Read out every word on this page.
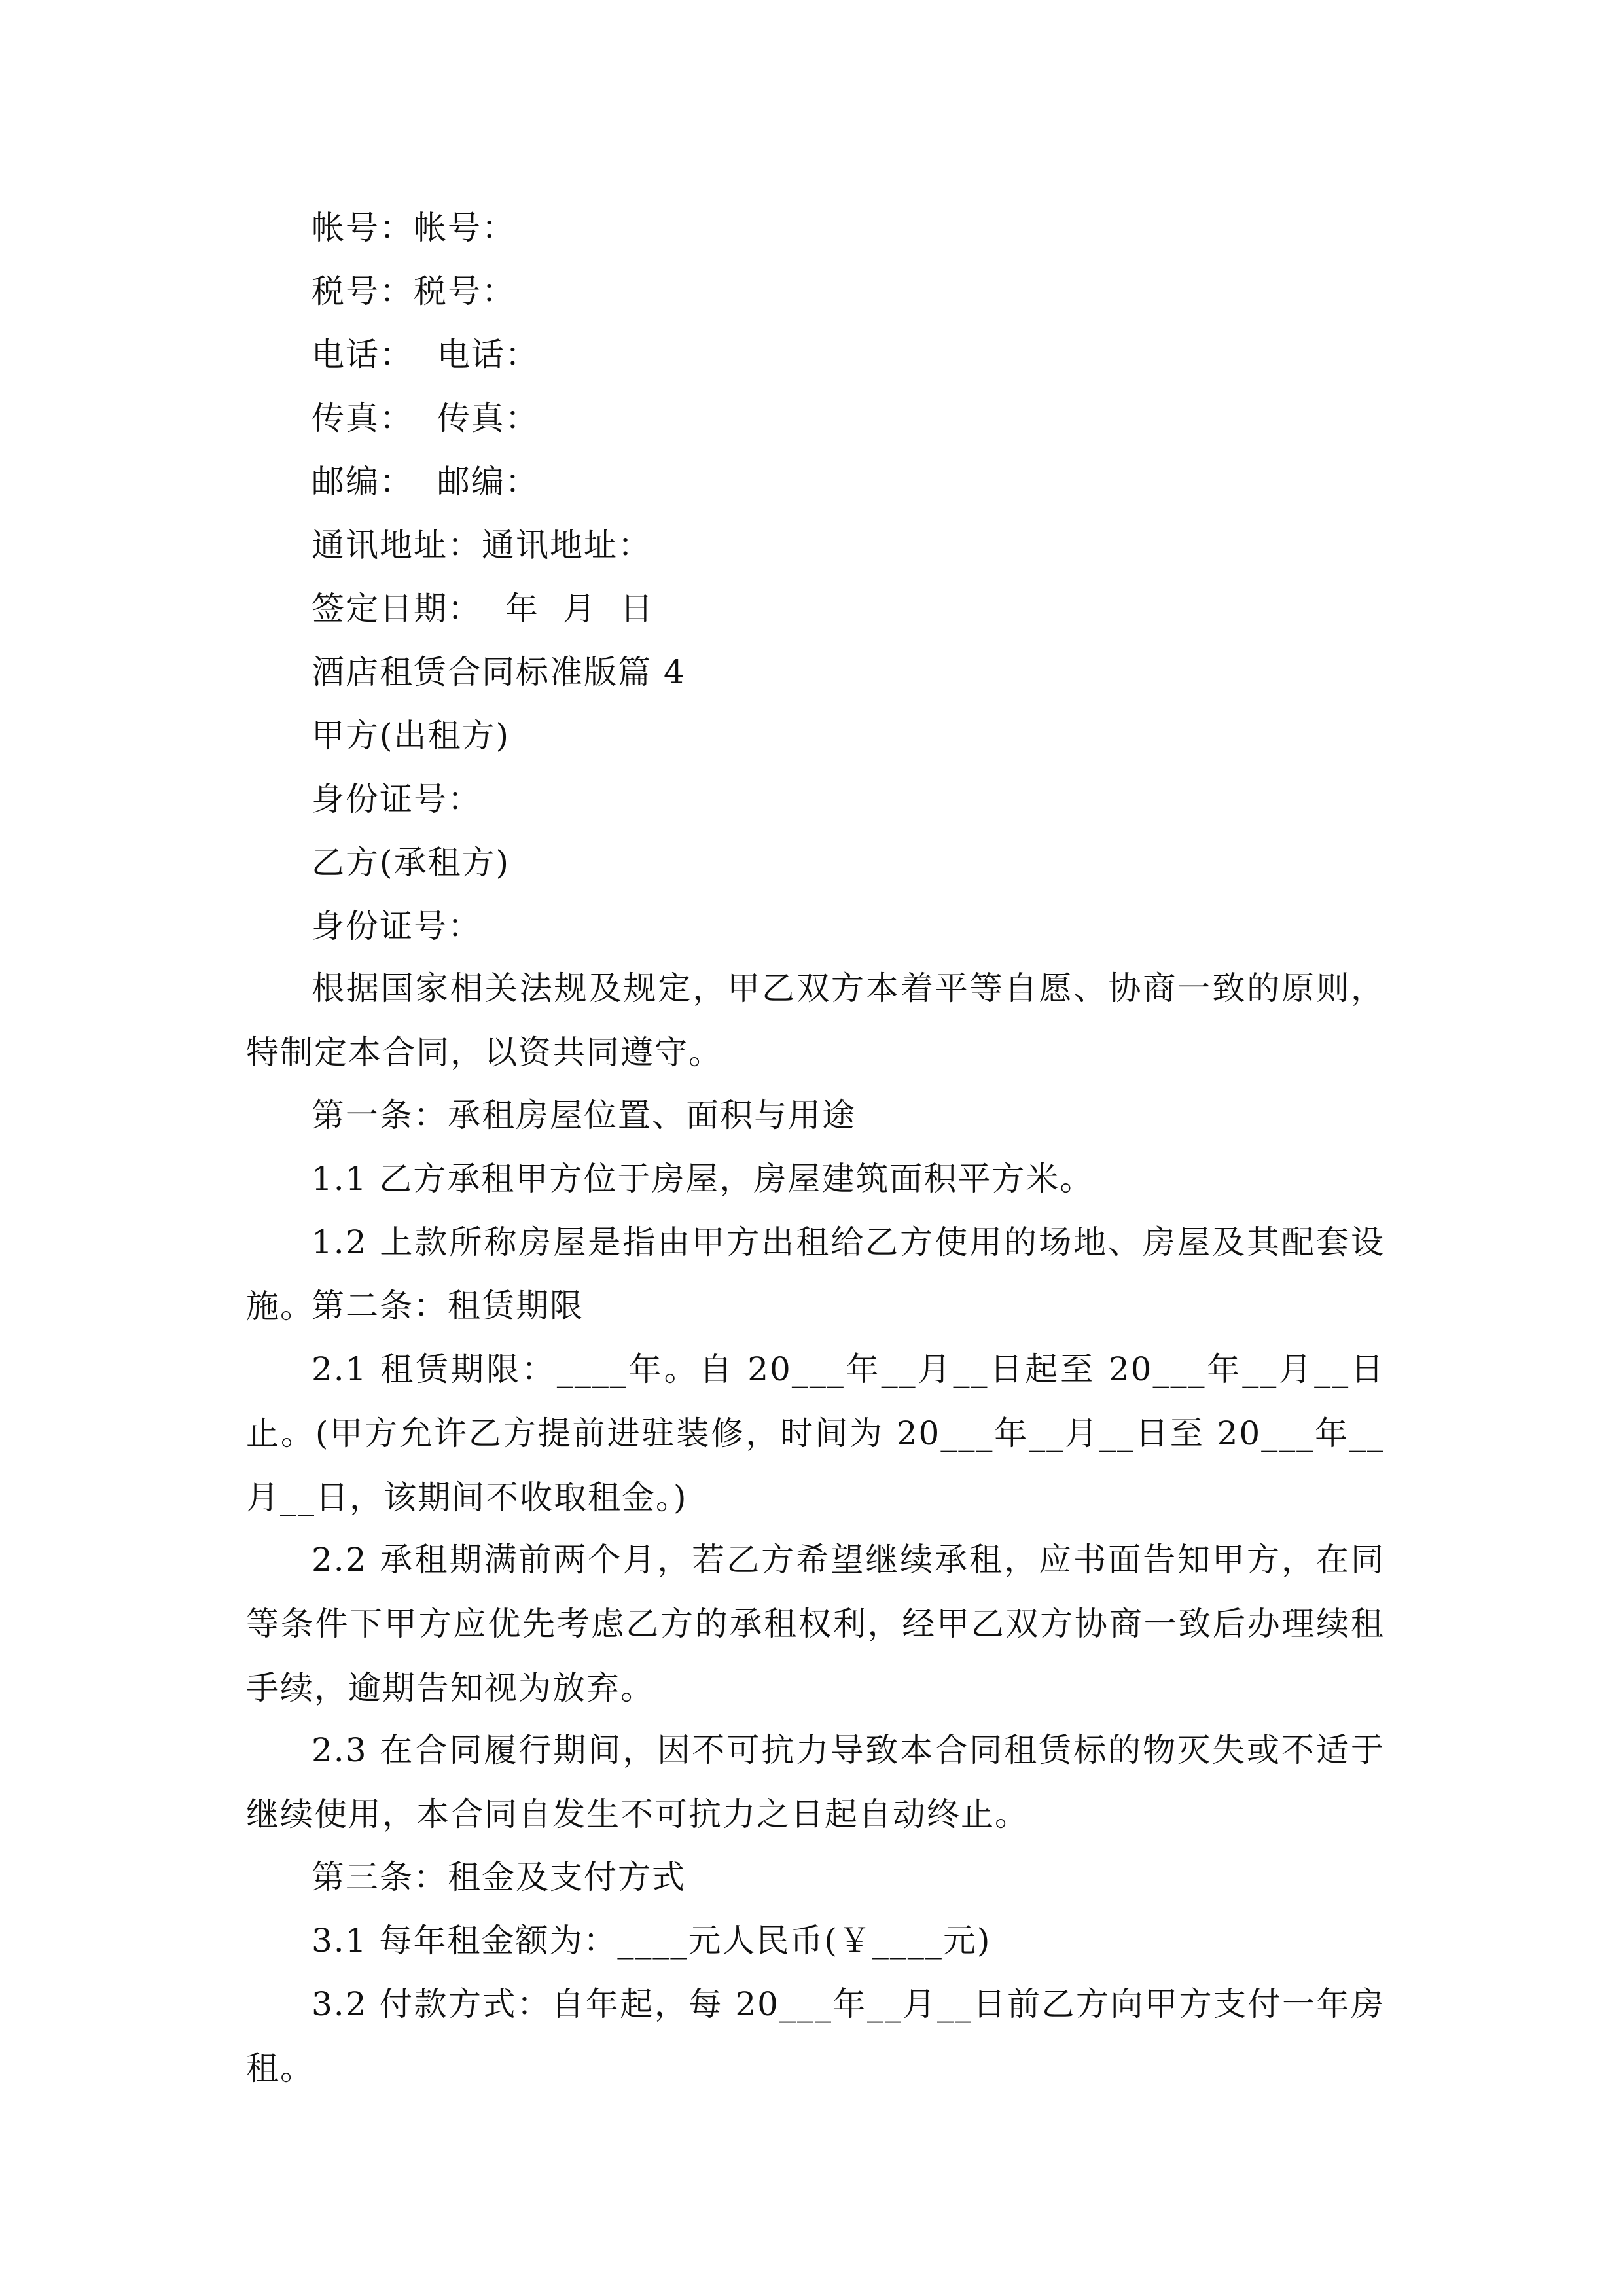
帐号：帐号：
税号：税号：
电话：  电话：
传真：  传真：
邮编：  邮编：
通讯地址：通讯地址：
签定日期：  年  月  日
酒店租赁合同标准版篇 4
甲方(出租方)
身份证号：
乙方(承租方)
身份证号：
根据国家相关法规及规定，甲乙双方本着平等自愿、协商一致的原则，特制定本合同，以资共同遵守。
第一条：承租房屋位置、面积与用途
1.1 乙方承租甲方位于房屋，房屋建筑面积平方米。
1.2 上款所称房屋是指由甲方出租给乙方使用的场地、房屋及其配套设施。
第二条：租赁期限
2.1 租赁期限：____年。自 20___年__月__日起至 20___年__月__日止。(甲方允许乙方提前进驻装修，时间为 20___年__月__日至 20___年__月__日，该期间不收取租金。)
2.2 承租期满前两个月，若乙方希望继续承租，应书面告知甲方，在同等条件下甲方应优先考虑乙方的承租权利，经甲乙双方协商一致后办理续租手续，逾期告知视为放弃。
2.3 在合同履行期间，因不可抗力导致本合同租赁标的物灭失或不适于继续使用，本合同自发生不可抗力之日起自动终止。
第三条：租金及支付方式
3.1 每年租金额为：____元人民币(￥____元)
3.2 付款方式：自年起，每 20___年__月__日前乙方向甲方支付一年房租。
